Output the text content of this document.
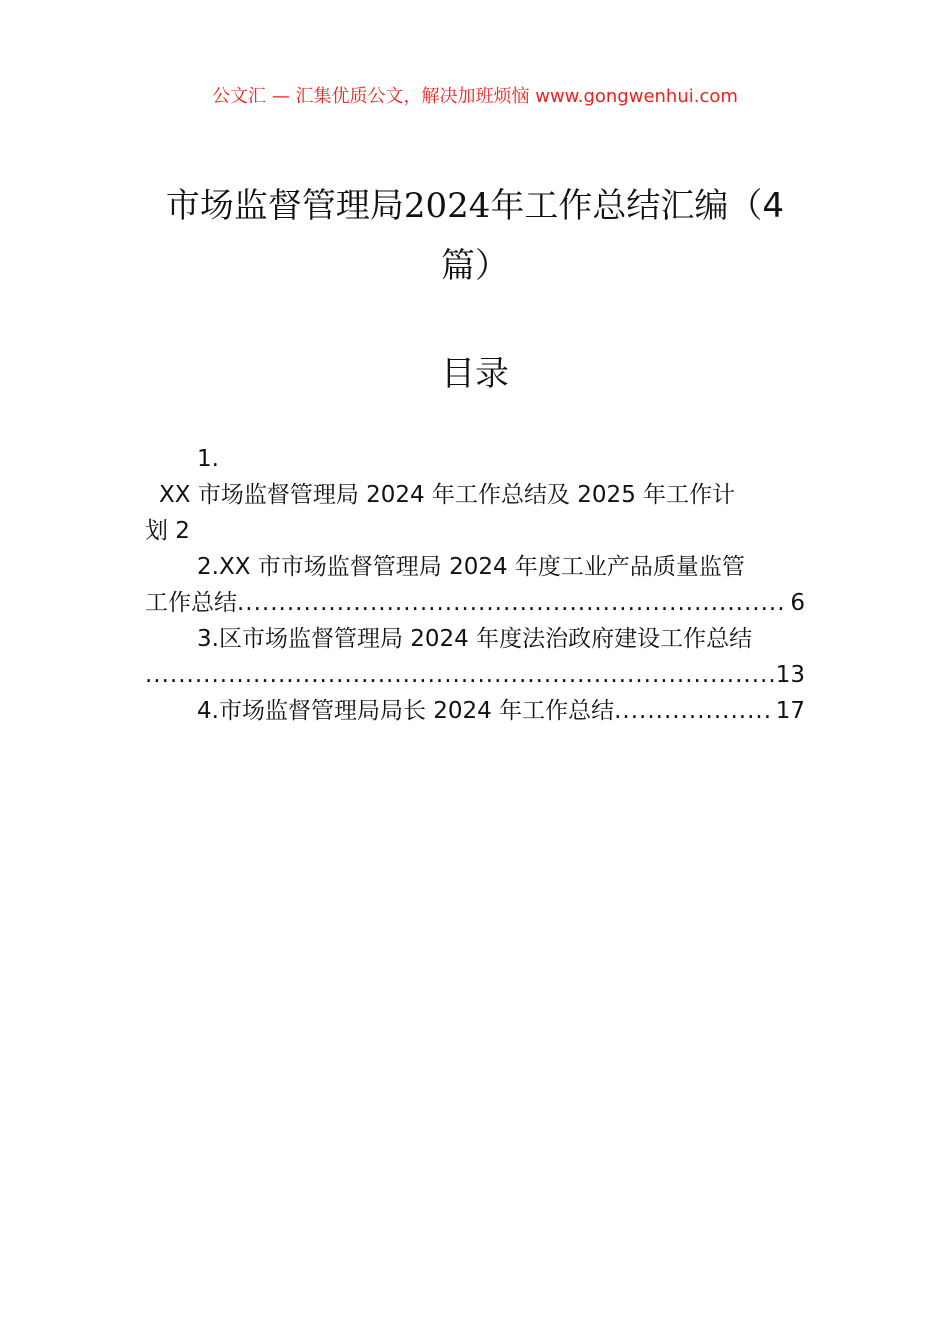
公文汇 — 汇集优质公文，解决加班烦恼 www.gongwenhui.com
市场监督管理局2024年工作总结汇编（4
篇）
目录
1.
XX 市场监督管理局 2024 年工作总结及 2025 年工作计
划 2
2.XX 市市场监督管理局 2024 年度工业产品质量监管
工作总结 .....	6
3.区市场监督管理局 2024 年度法治政府建设工作总结
.....
13
4.市场监督管理局局长 2024 年工作总结 .....	17
